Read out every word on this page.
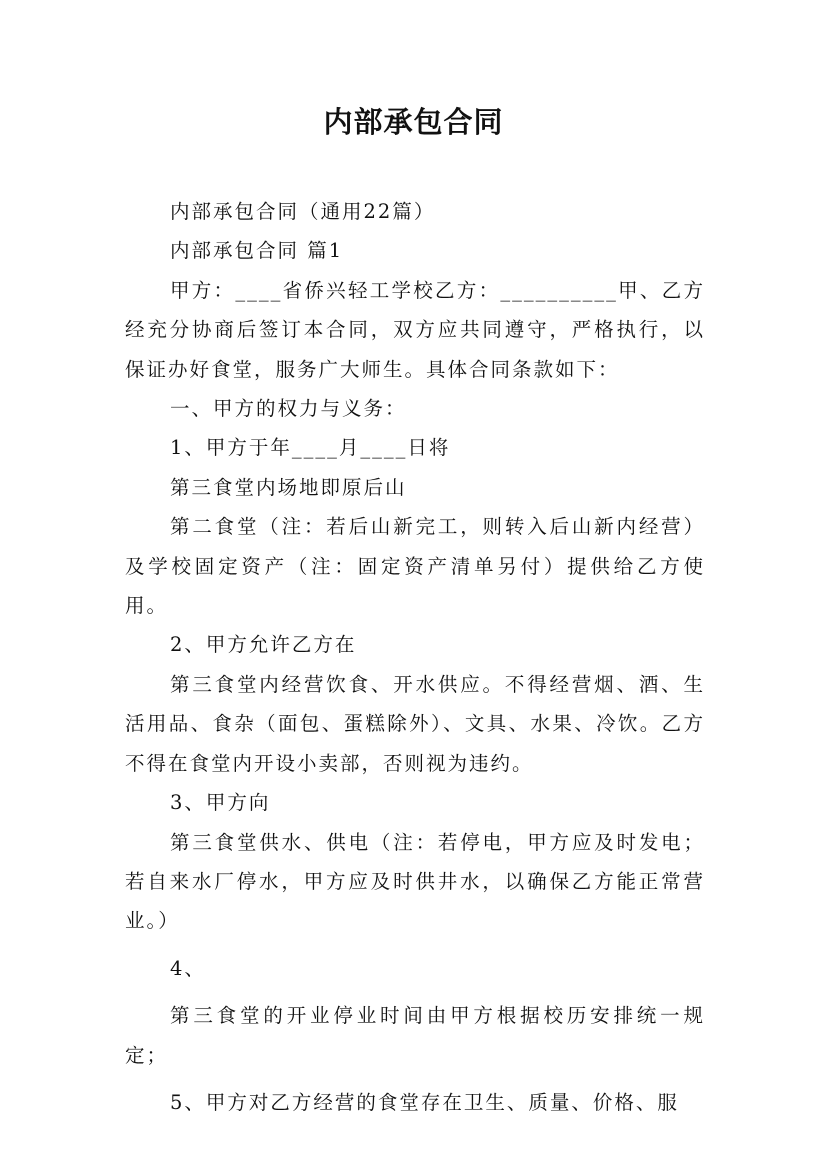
内部承包合同

内部承包合同（通用22篇）

内部承包合同 篇1

甲方：____省侨兴轻工学校乙方：__________甲、乙方经充分协商后签订本合同，双方应共同遵守，严格执行，以保证办好食堂，服务广大师生。具体合同条款如下：

一、甲方的权力与义务：

1、甲方于年____月____日将

第三食堂内场地即原后山

第二食堂（注：若后山新完工，则转入后山新内经营）及学校固定资产（注：固定资产清单另付）提供给乙方使用。

2、甲方允许乙方在

第三食堂内经营饮食、开水供应。不得经营烟、酒、生活用品、食杂（面包、蛋糕除外）、文具、水果、冷饮。乙方不得在食堂内开设小卖部，否则视为违约。

3、甲方向

第三食堂供水、供电（注：若停电，甲方应及时发电；若自来水厂停水，甲方应及时供井水，以确保乙方能正常营业。）

4、

第三食堂的开业停业时间由甲方根据校历安排统一规定；

5、甲方对乙方经营的食堂存在卫生、质量、价格、服
